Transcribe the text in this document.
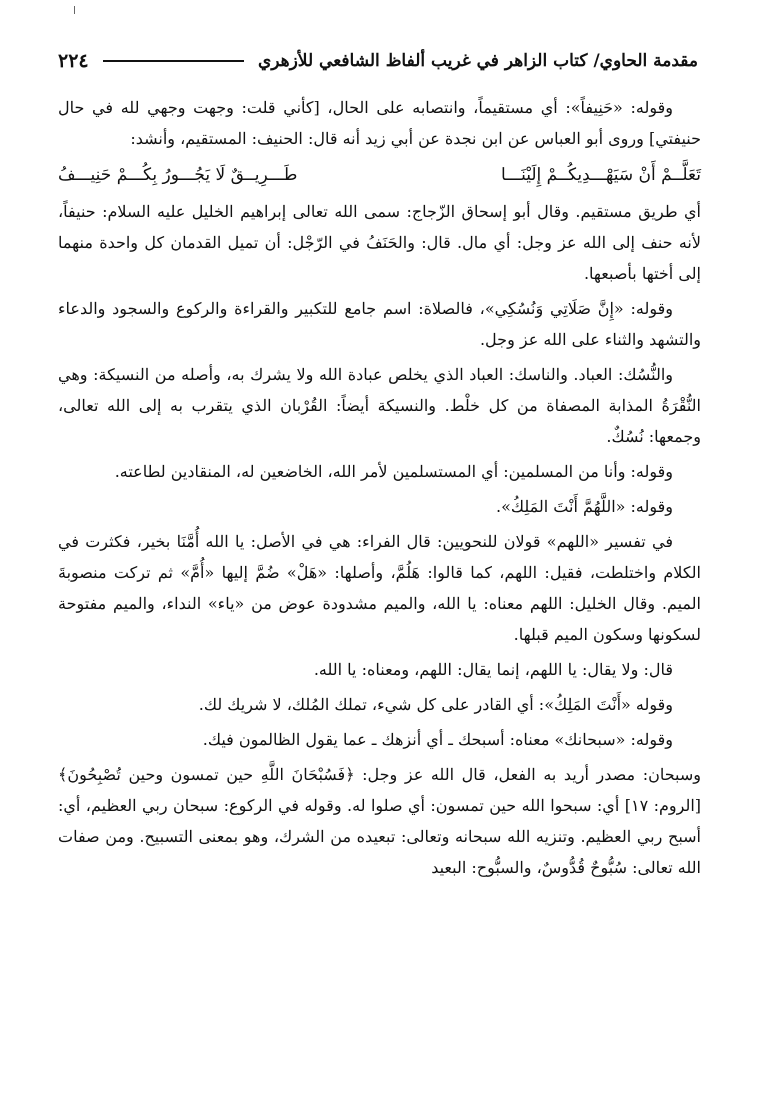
٢٢٤	مقدمة الحاوي/ كتاب الزاهر في غريب ألفاظ الشافعي للأزهري

وقوله: «حَنِيفاً»: أي مستقيماً، وانتصابه على الحال، [كأني قلت: وجهت وجهي لله في حال حنيفتي] وروى أبو العباس عن ابن نجدة عن أبي زيد أنه قال: الحنيف: المستقيم، وأنشد:

تَعَلَّــمْ أَنْ سَيَهْـــدِيكُــمْ إِلَيْنَـــا
طَـــرِيــقٌ لَا يَجُـــورُ بِكُـــمْ حَنِيـــفُ

أي طريق مستقيم. وقال أبو إسحاق الزّجاج: سمى الله تعالى إبراهيم الخليل عليه السلام: حنيفاً، لأنه حنف إلى الله عز وجل: أي مال. قال: والحَنَفُ في الرّجْل: أن تميل القدمان كل واحدة منهما إلى أختها بأصبعها.

وقوله: «إِنَّ صَلَاتِي وَنُسُكِي»، فالصلاة: اسم جامع للتكبير والقراءة والركوع والسجود والدعاء والتشهد والثناء على الله عز وجل.

والنُّسُك: العباد. والناسك: العباد الذي يخلص عبادة الله ولا يشرك به، وأصله من النسيكة: وهي النُّقْرَةُ المذابة المصفاة من كل خلْط. والنسيكة أيضاً: القُرْبان الذي يتقرب به إلى الله تعالى، وجمعها: نُسُكٌ.

وقوله: وأنا من المسلمين: أي المستسلمين لأمر الله، الخاضعين له، المنقادين لطاعته.

وقوله: «اللَّهُمَّ أَنْتَ المَلِكُ».

في تفسير «اللهم» قولان للنحويين: قال الفراء: هي في الأصل: يا الله أُمَّنَا بخير، فكثرت في الكلام واختلطت، فقيل: اللهم، كما قالوا: هَلُمَّ، وأصلها: «هَلْ» ضُمَّ إليها «أُمَّ» ثم تركت منصوبةَ الميم. وقال الخليل: اللهم معناه: يا الله، والميم مشدودة عوض من «ياء» النداء، والميم مفتوحة لسكونها وسكون الميم قبلها.

قال: ولا يقال: يا اللهم، إنما يقال: اللهم، ومعناه: يا الله.

وقوله «أَنْتَ المَلِكُ»: أي القادر على كل شيء، تملك المُلك، لا شريك لك.

وقوله: «سبحانك» معناه: أسبحك ـ أي أنزهك ـ عما يقول الظالمون فيك.

وسبحان: مصدر أريد به الفعل، قال الله عز وجل: ﴿فَسُبْحَانَ اللَّهِ حين تمسون وحين تُصْبِحُونَ﴾ [الروم: ١٧] أي: سبحوا الله حين تمسون: أي صلوا له. وقوله في الركوع: سبحان ربي العظيم، أي: أسبح ربي العظيم. وتنزيه الله سبحانه وتعالى: تبعيده من الشرك، وهو بمعنى التسبيح. ومن صفات الله تعالى: سُبُّوحٌ قُدُّوسٌ، والسبُّوح: البعيد
